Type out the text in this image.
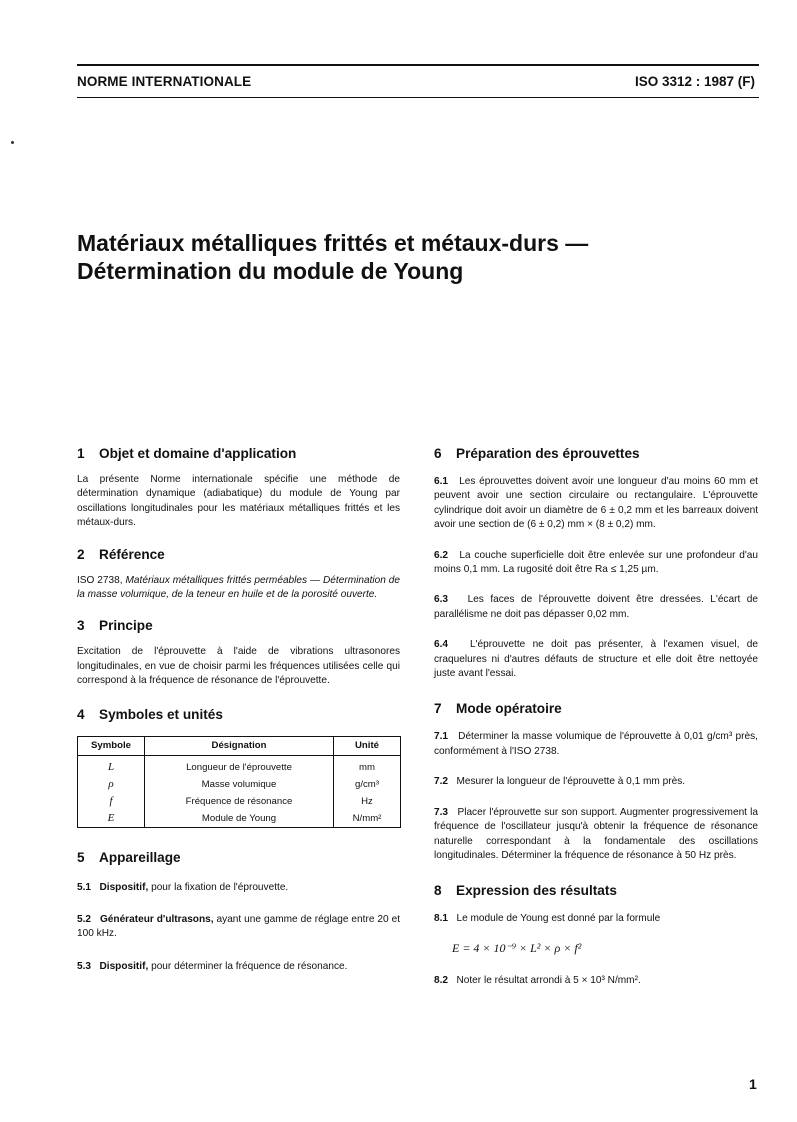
NORME INTERNATIONALE	ISO 3312 : 1987 (F)
Matériaux métalliques frittés et métaux-durs —
Détermination du module de Young
1 Objet et domaine d'application

La présente Norme internationale spécifie une méthode de détermination dynamique (adiabatique) du module de Young par oscillations longitudinales pour les matériaux métalliques frittés et les métaux-durs.

2 Référence

ISO 2738, Matériaux métalliques frittés perméables — Détermination de la masse volumique, de la teneur en huile et de la porosité ouverte.

3 Principe

Excitation de l'éprouvette à l'aide de vibrations ultrasonores longitudinales, en vue de choisir parmi les fréquences utilisées celle qui correspond à la fréquence de résonance de l'éprouvette.

4 Symboles et unités
Symbole	Désignation	Unité
L	Longueur de l'éprouvette	mm
ρ	Masse volumique	g/cm³
f	Fréquence de résonance	Hz
E	Module de Young	N/mm²
5 Appareillage

5.1 Dispositif, pour la fixation de l'éprouvette.

5.2 Générateur d'ultrasons, ayant une gamme de réglage entre 20 et 100 kHz.

5.3 Dispositif, pour déterminer la fréquence de résonance.

6 Préparation des éprouvettes

6.1 Les éprouvettes doivent avoir une longueur d'au moins 60 mm et peuvent avoir une section circulaire ou rectangulaire. L'éprouvette cylindrique doit avoir un diamètre de 6 ± 0,2 mm et les barreaux doivent avoir une section de (6 ± 0,2) mm × (8 ± 0,2) mm.

6.2 La couche superficielle doit être enlevée sur une profondeur d'au moins 0,1 mm. La rugosité doit être Ra ≤ 1,25 µm.

6.3 Les faces de l'éprouvette doivent être dressées. L'écart de parallélisme ne doit pas dépasser 0,02 mm.

6.4 L'éprouvette ne doit pas présenter, à l'examen visuel, de craquelures ni d'autres défauts de structure et elle doit être nettoyée juste avant l'essai.

7 Mode opératoire

7.1 Déterminer la masse volumique de l'éprouvette à 0,01 g/cm³ près, conformément à l'ISO 2738.

7.2 Mesurer la longueur de l'éprouvette à 0,1 mm près.

7.3 Placer l'éprouvette sur son support. Augmenter progressivement la fréquence de l'oscillateur jusqu'à obtenir la fréquence de résonance naturelle correspondant à la fondamentale des oscillations longitudinales. Déterminer la fréquence de résonance à 50 Hz près.

8 Expression des résultats

8.1 Le module de Young est donné par la formule

E = 4 × 10⁻⁹ × L² × ρ × f²

8.2 Noter le résultat arrondi à 5 × 10³ N/mm².

1
